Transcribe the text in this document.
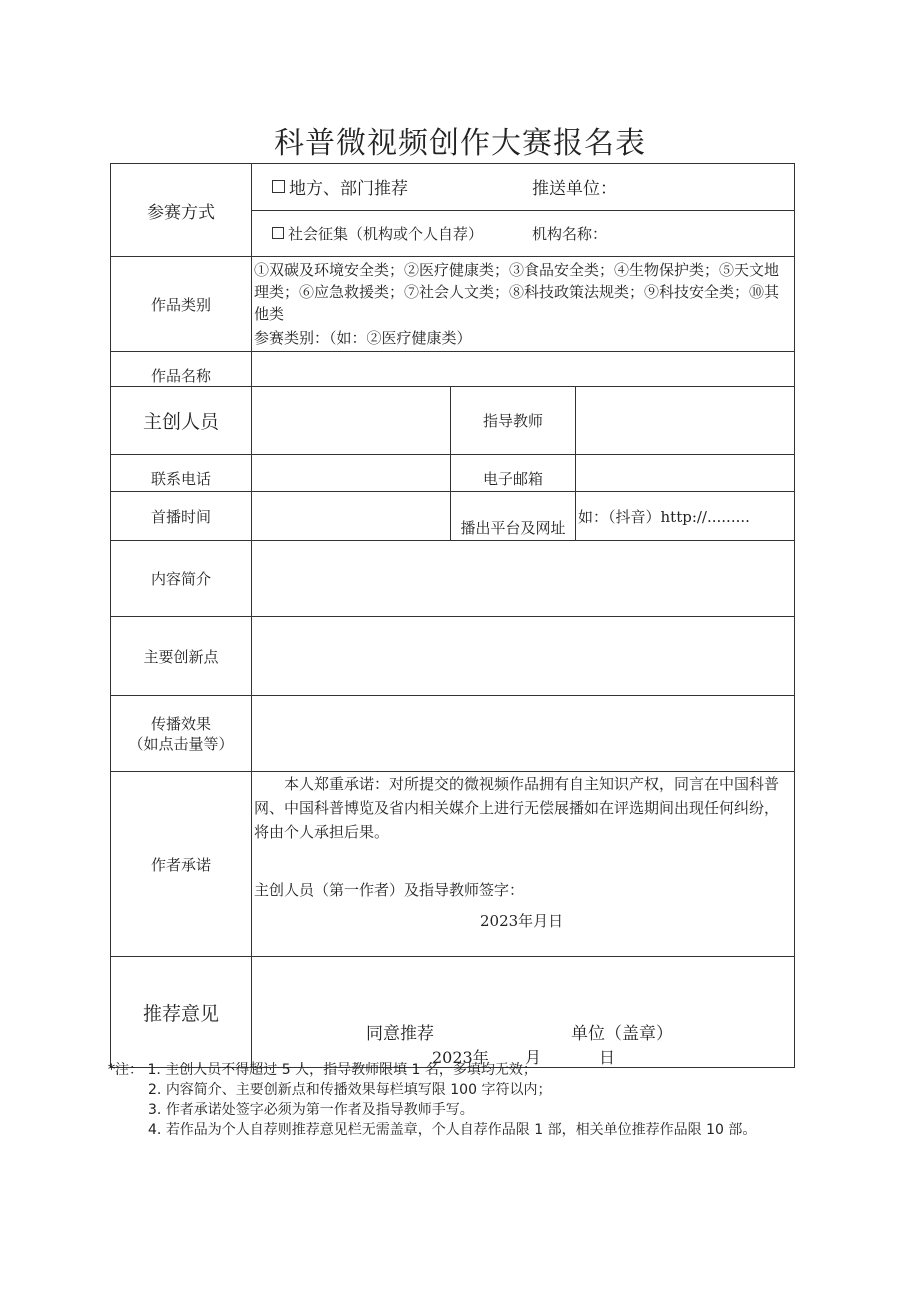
科普微视频创作大赛报名表
参赛方式	地方、部门推荐 推送单位：
社会征集（机构或个人自荐） 机构名称：		

作品类别	①双碳及环境安全类；②医疗健康类；③食品安全类；④生物保护类；⑤天文地理类；⑥应急救援类；⑦社会人文类；⑧科技政策法规类；⑨科技安全类；⑩其他类
参赛类别：（如：②医疗健康类）		

作品名称			
主创人员		指导教师	
联系电话		电子邮箱	
首播时间		播出平台及网址	如：（抖音）http://.........
内容简介			
主要创新点			

传播效果
（如点击量等）			

作者承诺	本人郑重承诺：对所提交的微视频作品拥有自主知识产权，同言在中国科普网、中国科普博览及省内相关媒介上进行无偿展播如在评选期间出现任何纠纷，将由个人承担后果。
主创人员（第一作者）及指导教师签字：
2023年月日		

推荐意见	同意推荐 单位（盖章）
2023年 月 日		
*注： 1. 主创人员不得超过 5 人，指导教师限填 1 名，多填均无效；
2. 内容简介、主要创新点和传播效果每栏填写限 100 字符以内；
3. 作者承诺处签字必须为第一作者及指导教师手写。
4. 若作品为个人自荐则推荐意见栏无需盖章，个人自荐作品限 1 部，相关单位推荐作品限 10 部。
